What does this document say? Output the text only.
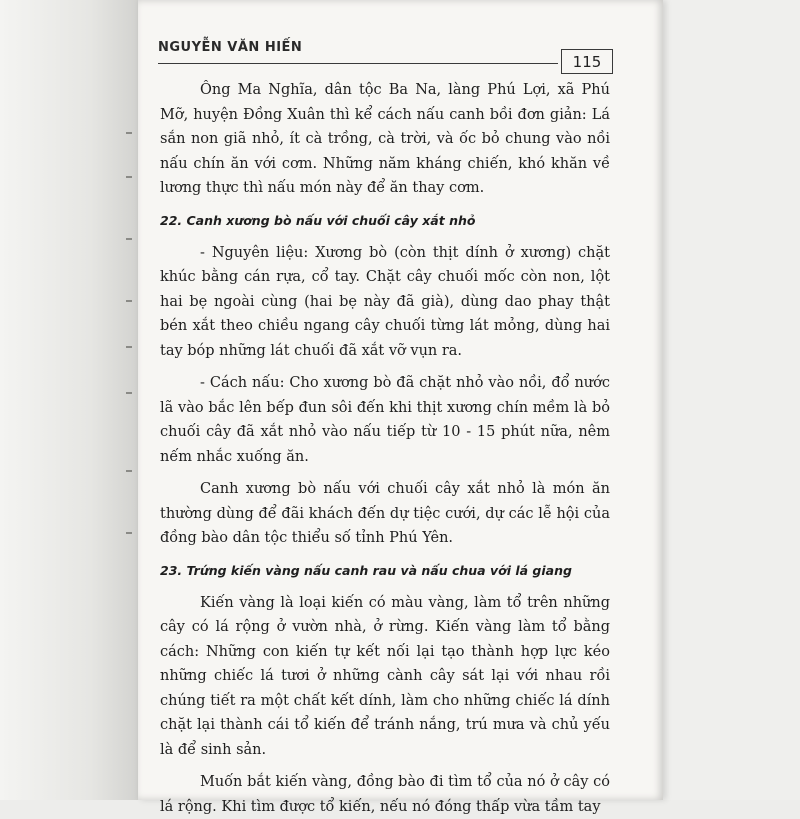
NGUYỄN VĂN HIẾN
115

Ông Ma Nghĩa, dân tộc Ba Na, làng Phú Lợi, xã Phú Mỡ, huyện Đồng Xuân thì kể cách nấu canh bồi đơn giản: Lá sắn non giã nhỏ, ít cà trồng, cà trời, và ốc bỏ chung vào nồi nấu chín ăn với cơm. Những năm kháng chiến, khó khăn về lương thực thì nấu món này để ăn thay cơm.

22. Canh xương bò nấu với chuối cây xắt nhỏ

- Nguyên liệu: Xương bò (còn thịt dính ở xương) chặt khúc bằng cán rựa, cổ tay. Chặt cây chuối mốc còn non, lột hai bẹ ngoài cùng (hai bẹ này đã già), dùng dao phay thật bén xắt theo chiều ngang cây chuối từng lát mỏng, dùng hai tay bóp những lát chuối đã xắt vỡ vụn ra.

- Cách nấu: Cho xương bò đã chặt nhỏ vào nồi, đổ nước lã vào bắc lên bếp đun sôi đến khi thịt xương chín mềm là bỏ chuối cây đã xắt nhỏ vào nấu tiếp từ 10 - 15 phút nữa, nêm nếm nhắc xuống ăn.

Canh xương bò nấu với chuối cây xắt nhỏ là món ăn thường dùng để đãi khách đến dự tiệc cưới, dự các lễ hội của đồng bào dân tộc thiểu số tỉnh Phú Yên.

23. Trứng kiến vàng nấu canh rau và nấu chua với lá giang

Kiến vàng là loại kiến có màu vàng, làm tổ trên những cây có lá rộng ở vườn nhà, ở rừng. Kiến vàng làm tổ bằng cách: Những con kiến tự kết nối lại tạo thành hợp lực kéo những chiếc lá tươi ở những cành cây sát lại với nhau rồi chúng tiết ra một chất kết dính, làm cho những chiếc lá dính chặt lại thành cái tổ kiến để tránh nắng, trú mưa và chủ yếu là để sinh sản.

Muốn bắt kiến vàng, đồng bào đi tìm tổ của nó ở cây có lá rộng. Khi tìm được tổ kiến, nếu nó đóng thấp vừa tầm tay
